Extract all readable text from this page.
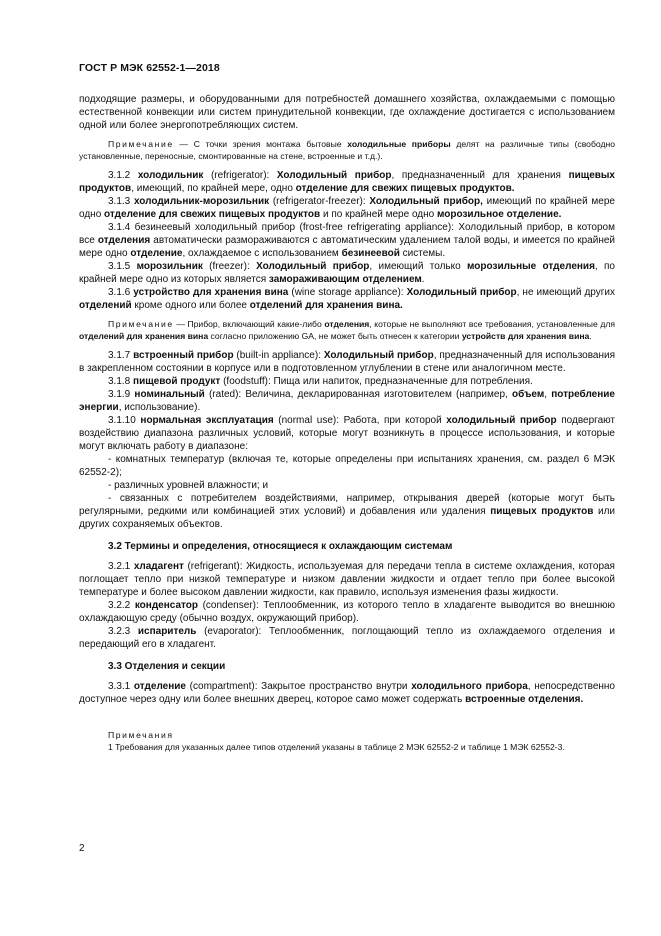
ГОСТ Р МЭК 62552-1—2018

подходящие размеры, и оборудованными для потребностей домашнего хозяйства, охлаждаемыми с помощью естественной конвекции или систем принудительной конвекции, где охлаждение достигается с использованием одной или более энергопотребляющих систем.

Примечание — С точки зрения монтажа бытовые холодильные приборы делят на различные типы (свободно установленные, переносные, смонтированные на стене, встроенные и т.д.).

3.1.2 холодильник (refrigerator): Холодильный прибор, предназначенный для хранения пищевых продуктов, имеющий, по крайней мере, одно отделение для свежих пищевых продуктов.

3.1.3 холодильник-морозильник (refrigerator-freezer): Холодильный прибор, имеющий по крайней мере одно отделение для свежих пищевых продуктов и по крайней мере одно морозильное отделение.

3.1.4 безинеевый холодильный прибор (frost-free refrigerating appliance): Холодильный прибор, в котором все отделения автоматически размораживаются с автоматическим удалением талой воды, и имеется по крайней мере одно отделение, охлаждаемое с использованием безинеевой системы.

3.1.5 морозильник (freezer): Холодильный прибор, имеющий только морозильные отделения, по крайней мере одно из которых является замораживающим отделением.

3.1.6 устройство для хранения вина (wine storage appliance): Холодильный прибор, не имеющий других отделений кроме одного или более отделений для хранения вина.

Примечание — Прибор, включающий какие-либо отделения, которые не выполняют все требования, установленные для отделений для хранения вина согласно приложению GA, не может быть отнесен к категории устройств для хранения вина.

3.1.7 встроенный прибор (built-in appliance): Холодильный прибор, предназначенный для использования в закрепленном состоянии в корпусе или в подготовленном углублении в стене или аналогичном месте.

3.1.8 пищевой продукт (foodstuff): Пища или напиток, предназначенные для потребления.

3.1.9 номинальный (rated): Величина, декларированная изготовителем (например, объем, потребление энергии, использование).

3.1.10 нормальная эксплуатация (normal use): Работа, при которой холодильный прибор подвергают воздействию диапазона различных условий, которые могут возникнуть в процессе использования, и которые могут включать работу в диапазоне:

- комнатных температур (включая те, которые определены при испытаниях хранения, см. раздел 6 МЭК 62552-2);

- различных уровней влажности; и

- связанных с потребителем воздействиями, например, открывания дверей (которые могут быть регулярными, редкими или комбинацией этих условий) и добавления или удаления пищевых продуктов или других сохраняемых объектов.

3.2 Термины и определения, относящиеся к охлаждающим системам

3.2.1 хладагент (refrigerant): Жидкость, используемая для передачи тепла в системе охлаждения, которая поглощает тепло при низкой температуре и низком давлении жидкости и отдает тепло при более высокой температуре и более высоком давлении жидкости, как правило, используя изменения фазы жидкости.

3.2.2 конденсатор (condenser): Теплообменник, из которого тепло в хладагенте выводится во внешнюю охлаждающую среду (обычно воздух, окружающий прибор).

3.2.3 испаритель (evaporator): Теплообменник, поглощающий тепло из охлаждаемого отделения и передающий его в хладагент.

3.3 Отделения и секции

3.3.1 отделение (compartment): Закрытое пространство внутри холодильного прибора, непосредственно доступное через одну или более внешних дверец, которое само может содержать встроенные отделения.

Примечания

1 Требования для указанных далее типов отделений указаны в таблице 2 МЭК 62552-2 и таблице 1 МЭК 62552-3.

2
